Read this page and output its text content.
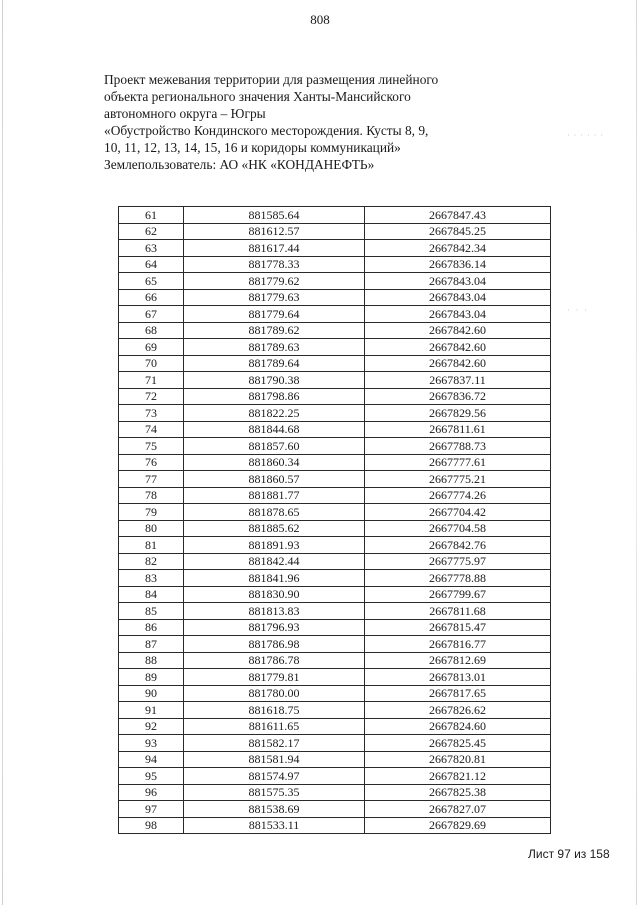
808
Проект межевания территории для размещения линейного
объекта регионального значения Ханты-Мансийского
автономного округа – Югры
«Обустройство Кондинского месторождения. Кусты 8, 9,
10, 11, 12, 13, 14, 15, 16 и коридоры коммуникаций»
Землепользователь: АО «НК «КОНДАНЕФТЬ»
· · · · · ·
· · ·
61	881585.64	2667847.43
62	881612.57	2667845.25
63	881617.44	2667842.34
64	881778.33	2667836.14
65	881779.62	2667843.04
66	881779.63	2667843.04
67	881779.64	2667843.04
68	881789.62	2667842.60
69	881789.63	2667842.60
70	881789.64	2667842.60
71	881790.38	2667837.11
72	881798.86	2667836.72
73	881822.25	2667829.56
74	881844.68	2667811.61
75	881857.60	2667788.73
76	881860.34	2667777.61
77	881860.57	2667775.21
78	881881.77	2667774.26
79	881878.65	2667704.42
80	881885.62	2667704.58
81	881891.93	2667842.76
82	881842.44	2667775.97
83	881841.96	2667778.88
84	881830.90	2667799.67
85	881813.83	2667811.68
86	881796.93	2667815.47
87	881786.98	2667816.77
88	881786.78	2667812.69
89	881779.81	2667813.01
90	881780.00	2667817.65
91	881618.75	2667826.62
92	881611.65	2667824.60
93	881582.17	2667825.45
94	881581.94	2667820.81
95	881574.97	2667821.12
96	881575.35	2667825.38
97	881538.69	2667827.07
98	881533.11	2667829.69
Лист 97 из 158
